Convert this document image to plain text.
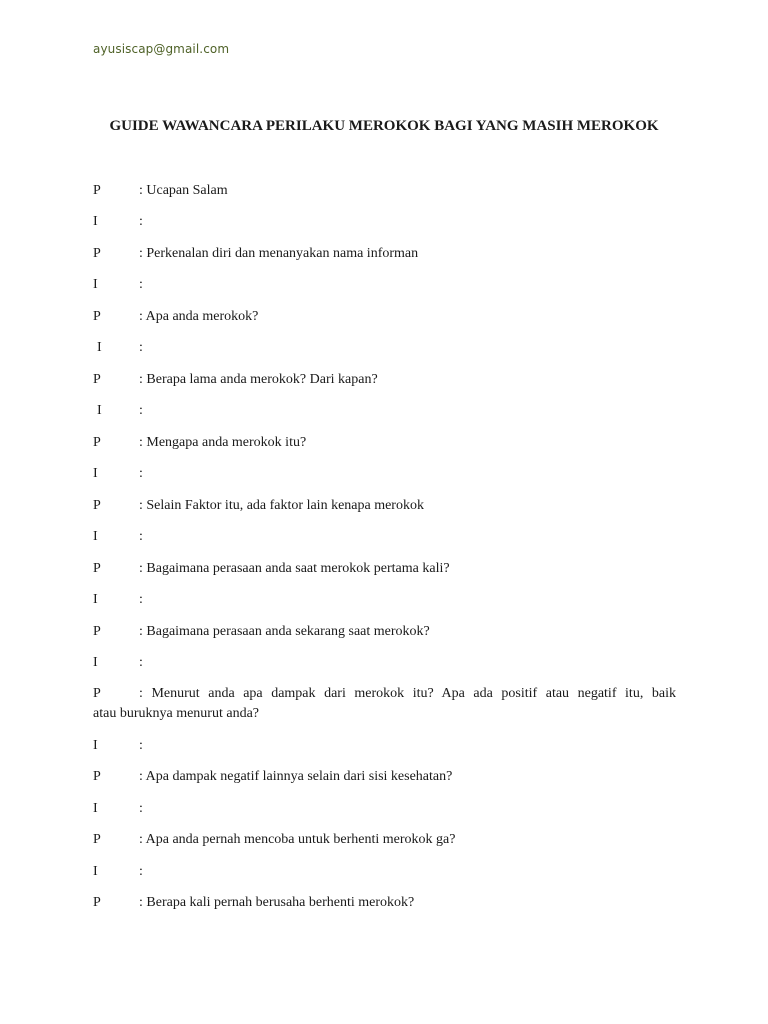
ayusiscap@gmail.com
GUIDE WAWANCARA PERILAKU MEROKOK BAGI YANG MASIH MEROKOK
P	: Ucapan Salam
I	:
P	: Perkenalan diri dan menanyakan nama informan
I	:
P	: Apa anda merokok?
I	:
P	: Berapa lama anda merokok? Dari kapan?
I	:
P	: Mengapa anda merokok itu?
I	:
P	: Selain Faktor itu, ada faktor lain kenapa merokok
I	:
P	: Bagaimana perasaan anda saat merokok pertama kali?
I	:
P	: Bagaimana perasaan anda sekarang saat merokok?
I	:
P	: Menurut anda apa dampak dari merokok itu? Apa ada positif atau negatif itu, baik
atau buruknya menurut anda?
I	:
P	: Apa dampak negatif lainnya selain dari sisi kesehatan?
I	:
P	: Apa anda pernah mencoba untuk berhenti merokok ga?
I	:
P	: Berapa kali pernah berusaha berhenti merokok?
